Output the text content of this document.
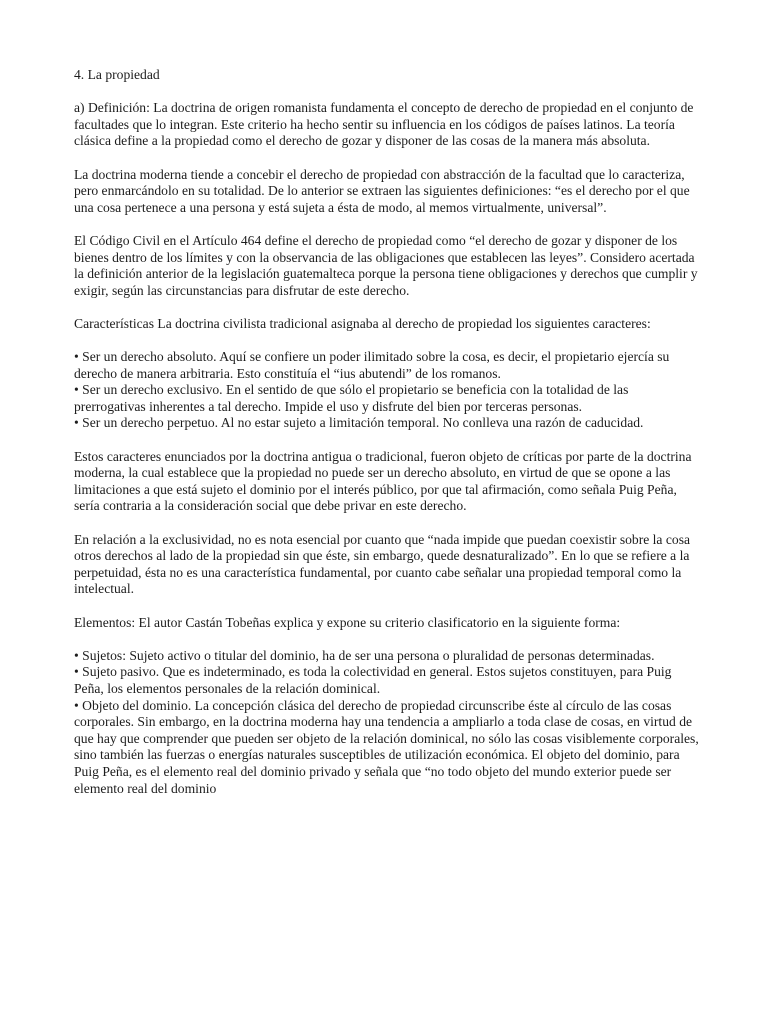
4. La propiedad

a) Definición: La doctrina de origen romanista fundamenta el concepto de derecho de propiedad en el conjunto de facultades que lo integran. Este criterio ha hecho sentir su influencia en los códigos de países latinos. La teoría clásica define a la propiedad como el derecho de gozar y disponer de las cosas de la manera más absoluta.

La doctrina moderna tiende a concebir el derecho de propiedad con abstracción de la facultad que lo caracteriza, pero enmarcándolo en su totalidad. De lo anterior se extraen las siguientes definiciones: “es el derecho por el que una cosa pertenece a una persona y está sujeta a ésta de modo, al memos virtualmente, universal”.

El Código Civil en el Artículo 464 define el derecho de propiedad como “el derecho de gozar y disponer de los bienes dentro de los límites y con la observancia de las obligaciones que establecen las leyes”. Considero acertada la definición anterior de la legislación guatemalteca porque la persona tiene obligaciones y derechos que cumplir y exigir, según las circunstancias para disfrutar de este derecho.

Características La doctrina civilista tradicional asignaba al derecho de propiedad los siguientes caracteres:

• Ser un derecho absoluto. Aquí se confiere un poder ilimitado sobre la cosa, es decir, el propietario ejercía su derecho de manera arbitraria. Esto constituía el “ius abutendi” de los romanos.

• Ser un derecho exclusivo. En el sentido de que sólo el propietario se beneficia con la totalidad de las prerrogativas inherentes a tal derecho. Impide el uso y disfrute del bien por terceras personas.

• Ser un derecho perpetuo. Al no estar sujeto a limitación temporal. No conlleva una razón de caducidad.

Estos caracteres enunciados por la doctrina antigua o tradicional, fueron objeto de críticas por parte de la doctrina moderna, la cual establece que la propiedad no puede ser un derecho absoluto, en virtud de que se opone a las limitaciones a que está sujeto el dominio por el interés público, por que tal afirmación, como señala Puig Peña, sería contraria a la consideración social que debe privar en este derecho.

En relación a la exclusividad, no es nota esencial por cuanto que “nada impide que puedan coexistir sobre la cosa otros derechos al lado de la propiedad sin que éste, sin embargo, quede desnaturalizado”. En lo que se refiere a la perpetuidad, ésta no es una característica fundamental, por cuanto cabe señalar una propiedad temporal como la intelectual.

Elementos: El autor Castán Tobeñas explica y expone su criterio clasificatorio en la siguiente forma:

• Sujetos: Sujeto activo o titular del dominio, ha de ser una persona o pluralidad de personas determinadas.

• Sujeto pasivo. Que es indeterminado, es toda la colectividad en general. Estos sujetos constituyen, para Puig Peña, los elementos personales de la relación dominical.

• Objeto del dominio. La concepción clásica del derecho de propiedad circunscribe éste al círculo de las cosas corporales. Sin embargo, en la doctrina moderna hay una tendencia a ampliarlo a toda clase de cosas, en virtud de que hay que comprender que pueden ser objeto de la relación dominical, no sólo las cosas visiblemente corporales, sino también las fuerzas o energías naturales susceptibles de utilización económica. El objeto del dominio, para Puig Peña, es el elemento real del dominio privado y señala que “no todo objeto del mundo exterior puede ser elemento real del dominio
